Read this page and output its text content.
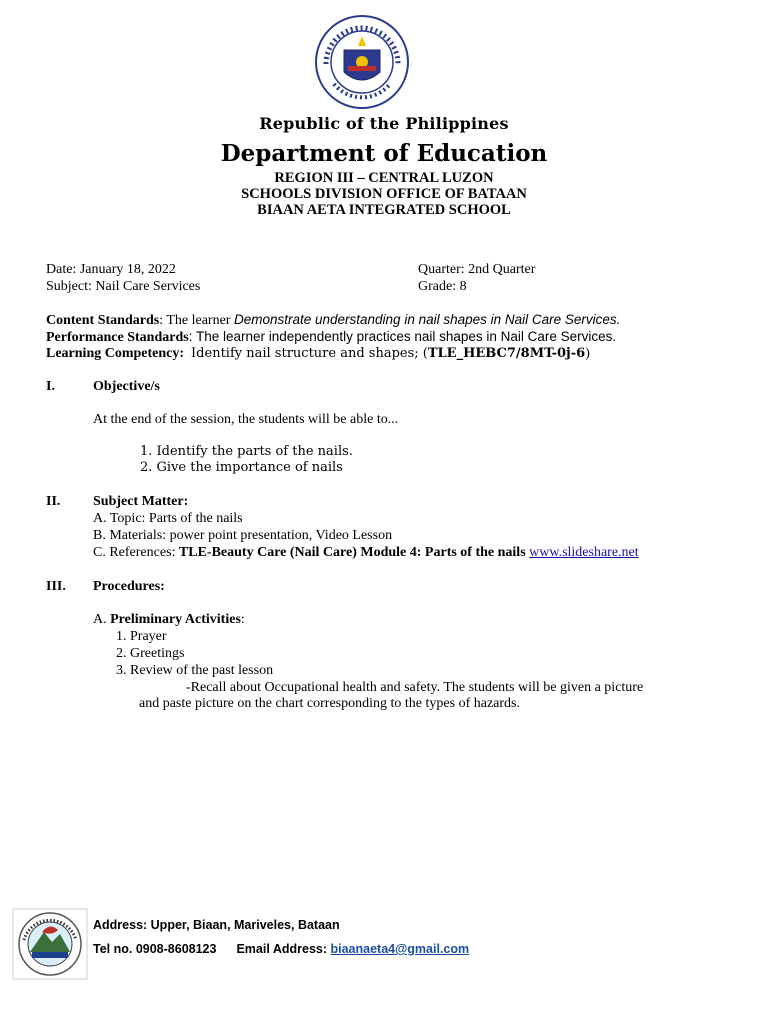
Republic of the Philippines
Department of Education
REGION III – CENTRAL LUZON
SCHOOLS DIVISION OFFICE OF BATAAN
BIAAN AETA INTEGRATED SCHOOL
Date: January 18, 2022
Subject: Nail Care Services
Quarter: 2nd Quarter
Grade: 8
Content Standards: The learner Demonstrate understanding in nail shapes in Nail Care Services.
Performance Standards: The learner independently practices nail shapes in Nail Care Services.
Learning Competency: Identify nail structure and shapes; (TLE_HEBC7/8MT-0j-6)
I.	Objective/s
At the end of the session, the students will be able to...
1. Identify the parts of the nails.
2. Give the importance of nails
II. Subject Matter:
A. Topic: Parts of the nails
B. Materials: power point presentation, Video Lesson
C. References: TLE-Beauty Care (Nail Care) Module 4: Parts of the nails www.slideshare.net
III. Procedures:
A. Preliminary Activities:
1. Prayer
2. Greetings
3. Review of the past lesson
-Recall about Occupational health and safety. The students will be given a picture
and paste picture on the chart corresponding to the types of hazards.
Address: Upper, Biaan, Mariveles, Bataan
Tel no. 0908-8608123 Email Address: biaanaeta4@gmail.com
